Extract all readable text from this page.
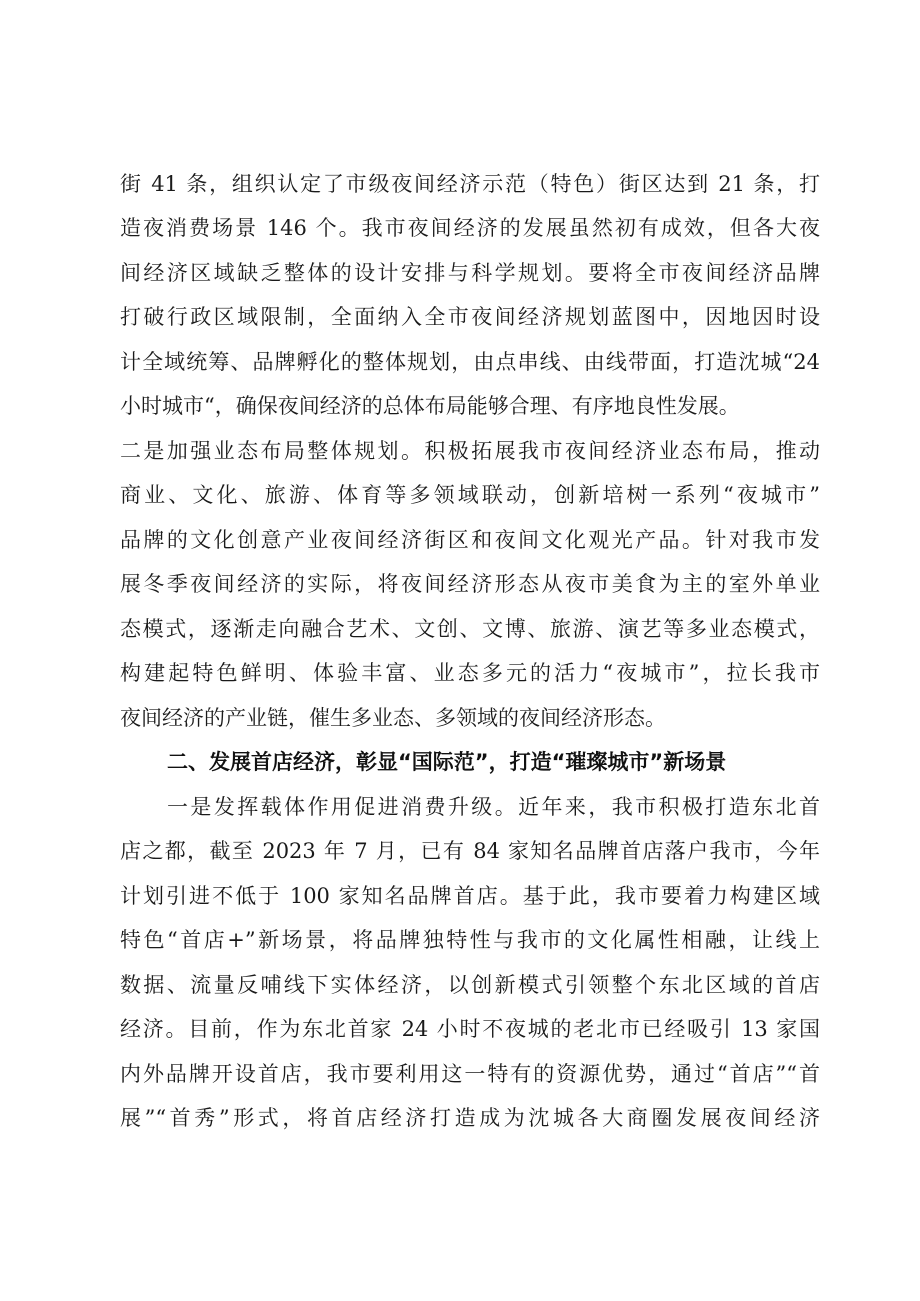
街 41 条，组织认定了市级夜间经济示范（特色）街区达到 21 条，打
造夜消费场景 146 个。我市夜间经济的发展虽然初有成效，但各大夜
间经济区域缺乏整体的设计安排与科学规划。要将全市夜间经济品牌
打破行政区域限制，全面纳入全市夜间经济规划蓝图中，因地因时设
计全域统筹、品牌孵化的整体规划，由点串线、由线带面，打造沈城“24
小时城市“，确保夜间经济的总体布局能够合理、有序地良性发展。
二是加强业态布局整体规划。积极拓展我市夜间经济业态布局，推动
商业、文化、旅游、体育等多领域联动，创新培树一系列“夜城市”
品牌的文化创意产业夜间经济街区和夜间文化观光产品。针对我市发
展冬季夜间经济的实际，将夜间经济形态从夜市美食为主的室外单业
态模式，逐渐走向融合艺术、文创、文博、旅游、演艺等多业态模式，
构建起特色鲜明、体验丰富、业态多元的活力“夜城市”，拉长我市
夜间经济的产业链，催生多业态、多领域的夜间经济形态。
二、发展首店经济，彰显“国际范”，打造“璀璨城市”新场景
一是发挥载体作用促进消费升级。近年来，我市积极打造东北首
店之都，截至 2023 年 7 月，已有 84 家知名品牌首店落户我市，今年
计划引进不低于 100 家知名品牌首店。基于此，我市要着力构建区域
特色“首店+”新场景，将品牌独特性与我市的文化属性相融，让线上
数据、流量反哺线下实体经济，以创新模式引领整个东北区域的首店
经济。目前，作为东北首家 24 小时不夜城的老北市已经吸引 13 家国
内外品牌开设首店，我市要利用这一特有的资源优势，通过“首店”“首
展”“首秀”形式，将首店经济打造成为沈城各大商圈发展夜间经济
